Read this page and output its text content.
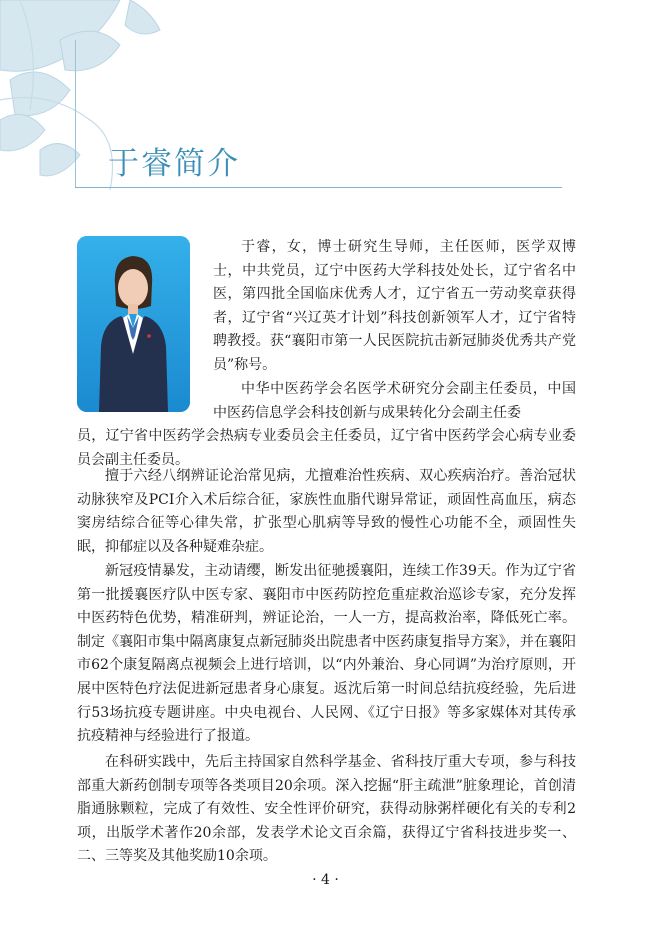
于睿简介

于睿，女，博士研究生导师，主任医师，医学双博士，中共党员，辽宁中医药大学科技处处长，辽宁省名中医，第四批全国临床优秀人才，辽宁省五一劳动奖章获得者，辽宁省“兴辽英才计划”科技创新领军人才，辽宁省特聘教授。获“襄阳市第一人民医院抗击新冠肺炎优秀共产党员”称号。

中华中医药学会名医学术研究分会副主任委员，中国中医药信息学会科技创新与成果转化分会副主任委

员，辽宁省中医药学会热病专业委员会主任委员，辽宁省中医药学会心病专业委员会副主任委员。

擅于六经八纲辨证论治常见病，尤擅难治性疾病、双心疾病治疗。善治冠状动脉狭窄及PCI介入术后综合征，家族性血脂代谢异常证，顽固性高血压，病态窦房结综合征等心律失常，扩张型心肌病等导致的慢性心功能不全，顽固性失眠，抑郁症以及各种疑难杂症。

新冠疫情暴发，主动请缨，断发出征驰援襄阳，连续工作39天。作为辽宁省第一批援襄医疗队中医专家、襄阳市中医药防控危重症救治巡诊专家，充分发挥中医药特色优势，精准研判，辨证论治，一人一方，提高救治率，降低死亡率。制定《襄阳市集中隔离康复点新冠肺炎出院患者中医药康复指导方案》，并在襄阳市62个康复隔离点视频会上进行培训，以“内外兼治、身心同调”为治疗原则，开展中医特色疗法促进新冠患者身心康复。返沈后第一时间总结抗疫经验，先后进行53场抗疫专题讲座。中央电视台、人民网、《辽宁日报》等多家媒体对其传承抗疫精神与经验进行了报道。

在科研实践中，先后主持国家自然科学基金、省科技厅重大专项，参与科技部重大新药创制专项等各类项目20余项。深入挖掘“肝主疏泄”脏象理论，首创清脂通脉颗粒，完成了有效性、安全性评价研究，获得动脉粥样硬化有关的专利2项，出版学术著作20余部，发表学术论文百余篇，获得辽宁省科技进步奖一、二、三等奖及其他奖励10余项。

· 4 ·
